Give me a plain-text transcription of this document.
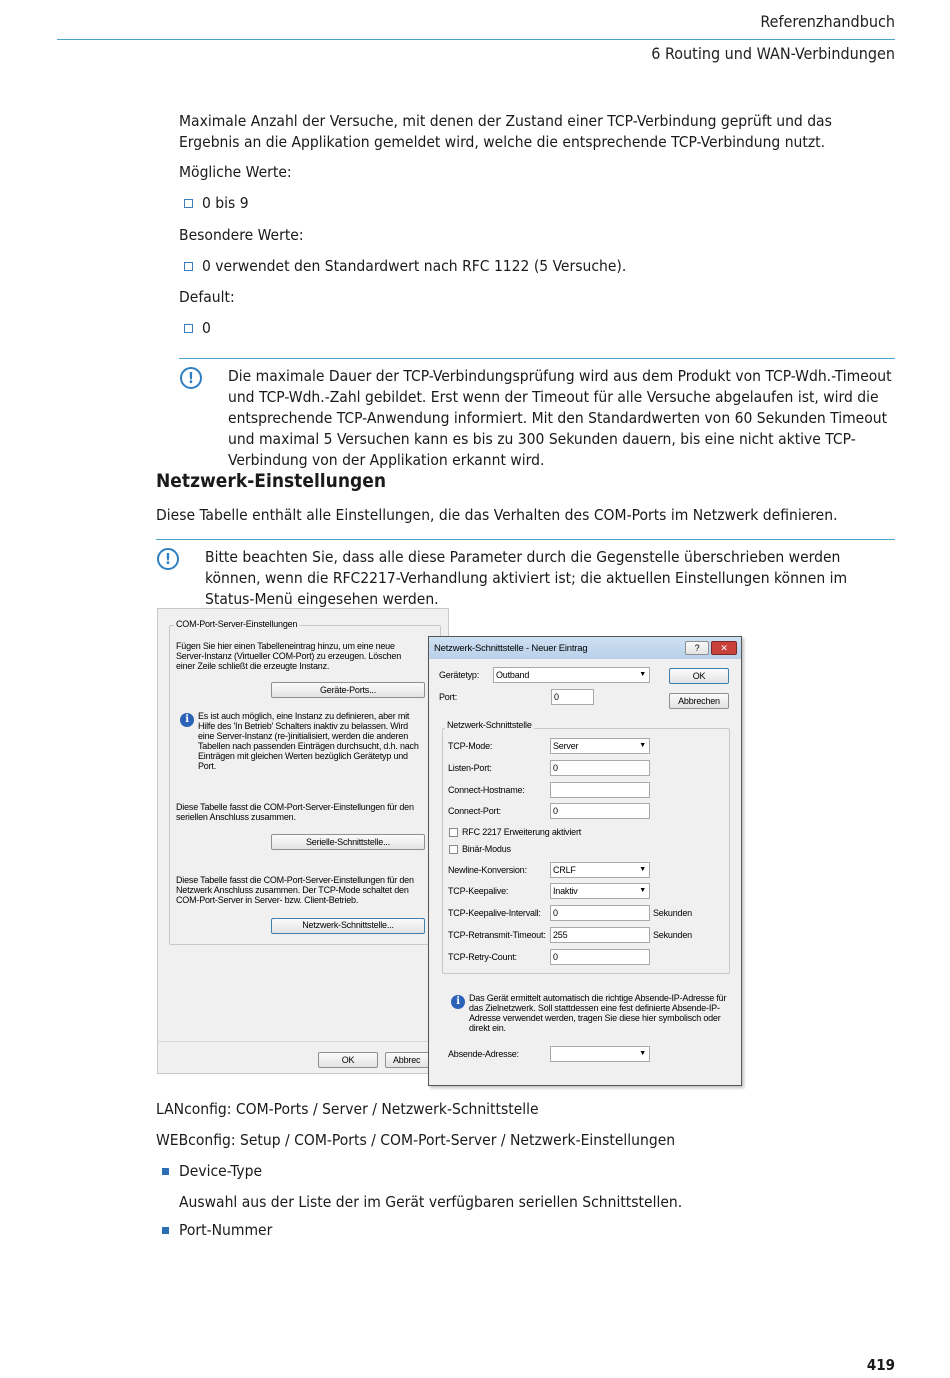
Referenzhandbuch
6 Routing und WAN-Verbindungen
Maximale Anzahl der Versuche, mit denen der Zustand einer TCP-Verbindung geprüft und das Ergebnis an die Applikation gemeldet wird, welche die entsprechende TCP-Verbindung nutzt.
Mögliche Werte:
0 bis 9
Besondere Werte:
0 verwendet den Standardwert nach RFC 1122 (5 Versuche).
Default:
0
!	Die maximale Dauer der TCP-Verbindungsprüfung wird aus dem Produkt von TCP-Wdh.-Timeout und TCP-Wdh.-Zahl gebildet. Erst wenn der Timeout für alle Versuche abgelaufen ist, wird die entsprechende TCP-Anwendung informiert. Mit den Standardwerten von 60 Sekunden Timeout und maximal 5 Versuchen kann es bis zu 300 Sekunden dauern, bis eine nicht aktive TCP-Verbindung von der Applikation erkannt wird.
Netzwerk-Einstellungen
Diese Tabelle enthält alle Einstellungen, die das Verhalten des COM-Ports im Netzwerk definieren.
!	Bitte beachten Sie, dass alle diese Parameter durch die Gegenstelle überschrieben werden können, wenn die RFC2217-Verhandlung aktiviert ist; die aktuellen Einstellungen können im Status-Menü eingesehen werden.
COM-Port-Server-Einstellungen
Fügen Sie hier einen Tabelleneintrag hinzu, um eine neue Server-Instanz (Virtueller COM-Port) zu erzeugen. Löschen einer Zeile schließt die erzeugte Instanz.
Geräte-Ports...
i	Es ist auch möglich, eine Instanz zu definieren, aber mit Hilfe des 'In Betrieb' Schalters inaktiv zu belassen. Wird eine Server-Instanz (re-)initialisiert, werden die anderen Tabellen nach passenden Einträgen durchsucht, d.h. nach Einträgen mit gleichen Werten bezüglich Gerätetyp und Port.
Diese Tabelle fasst die COM-Port-Server-Einstellungen für den seriellen Anschluss zusammen.
Serielle-Schnittstelle...
Diese Tabelle fasst die COM-Port-Server-Einstellungen für den Netzwerk Anschluss zusammen. Der TCP-Mode schaltet den COM-Port-Server in Server- bzw. Client-Betrieb.
Netzwerk-Schnittstelle...
OK	Abbrec
Netzwerk-Schnittstelle - Neuer Eintrag	?	✕
Gerätetyp:	Outband ▼
Port:	0
OK
Abbrechen
Netzwerk-Schnittstelle
TCP-Mode:	Server ▼
Listen-Port:	0
Connect-Hostname:
Connect-Port:	0
RFC 2217 Erweiterung aktiviert
Binär-Modus
Newline-Konversion:	CRLF ▼
TCP-Keepalive:	Inaktiv ▼
TCP-Keepalive-Intervall:	0	Sekunden
TCP-Retransmit-Timeout: 255	Sekunden
TCP-Retry-Count:	0
i	Das Gerät ermittelt automatisch die richtige Absende-IP-Adresse für das Zielnetzwerk. Soll stattdessen eine fest definierte Absende-IP-Adresse verwendet werden, tragen Sie diese hier symbolisch oder direkt ein.
Absende-Adresse:
▼
LANconfig: COM-Ports / Server / Netzwerk-Schnittstelle
WEBconfig: Setup / COM-Ports / COM-Port-Server / Netzwerk-Einstellungen
Device-Type
Auswahl aus der Liste der im Gerät verfügbaren seriellen Schnittstellen.
Port-Nummer
419
